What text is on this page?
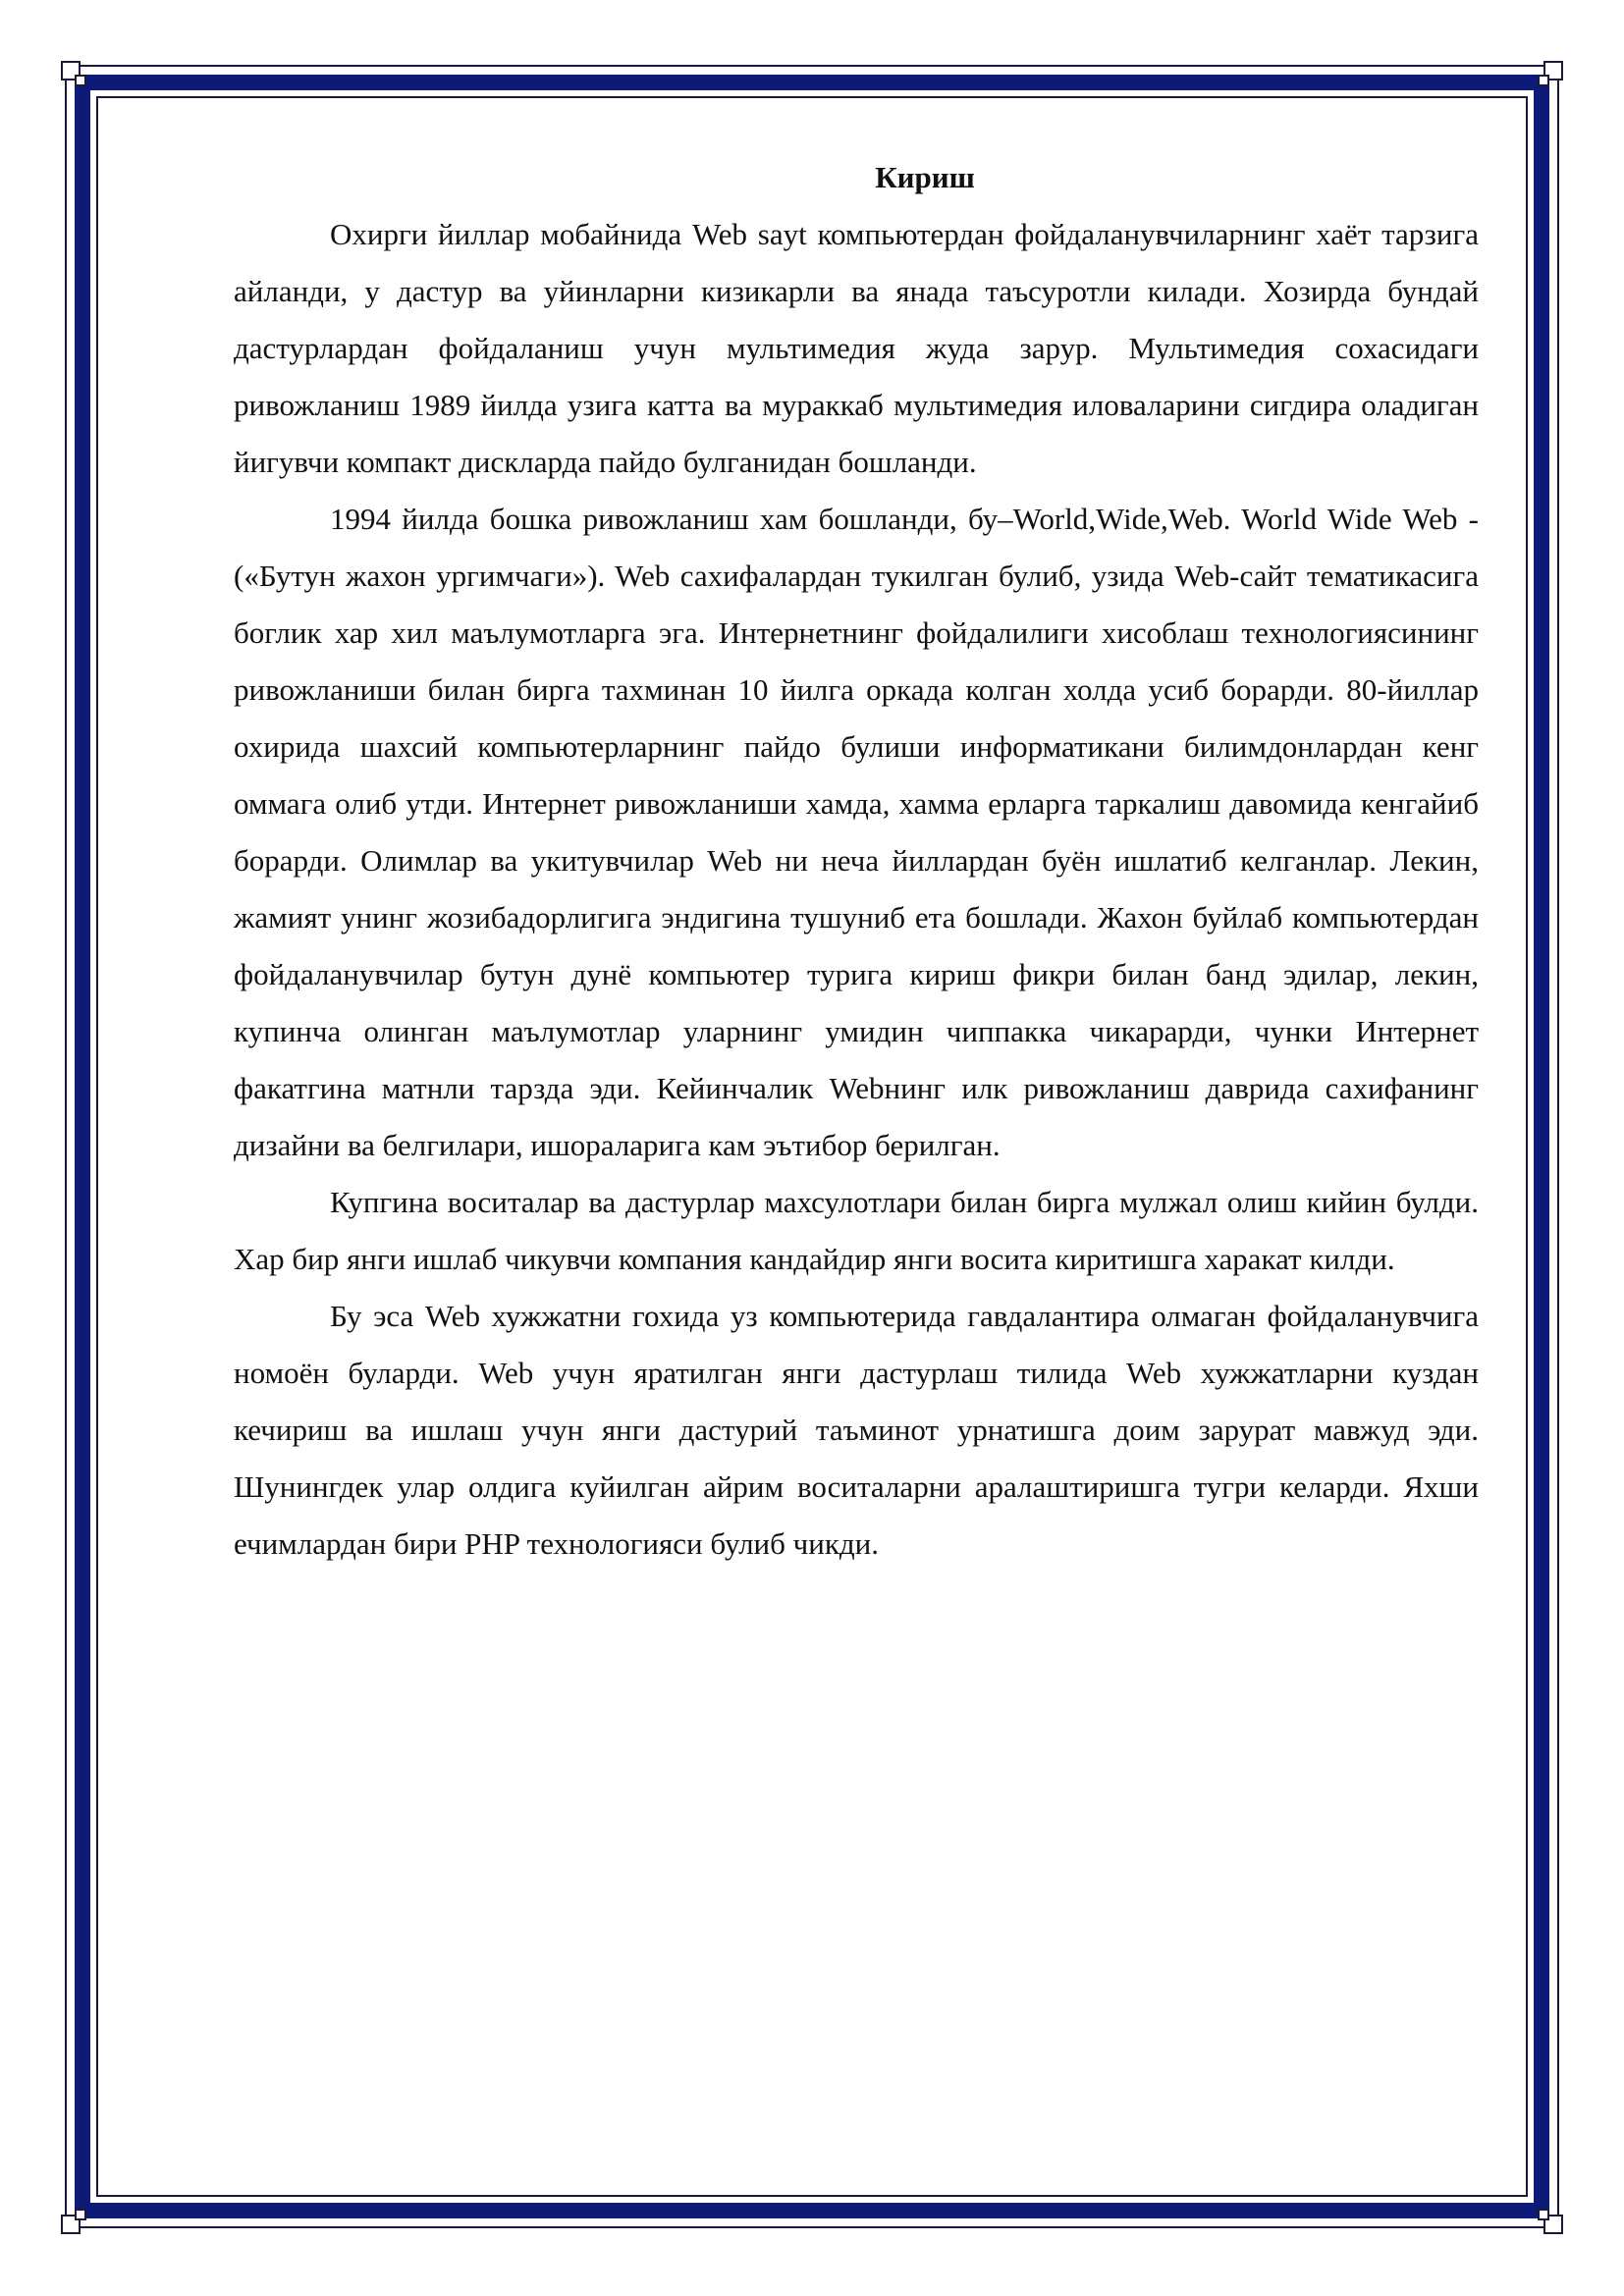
Кириш

Охирги йиллар мобайнида Web sayt компьютердан фойдаланувчиларнинг хаёт тарзига айланди, у дастур ва уйинларни кизикарли ва янада таъсуротли килади. Хозирда бундай дастурлардан фойдаланиш учун мультимедия жуда зарур. Мультимедия сохасидаги ривожланиш 1989 йилда узига катта ва мураккаб мультимедия иловаларини сигдира оладиган йигувчи компакт дискларда пайдо булганидан бошланди.

1994 йилда бошка ривожланиш хам бошланди, бу–World,Wide,Web. World Wide Web - («Бутун жахон ургимчаги»). Web сахифалардан тукилган булиб, узида Web-сайт тематикасига боглик хар хил маълумотларга эга. Интернетнинг фойдалилиги хисоблаш технологиясининг ривожланиши билан бирга тахминан 10 йилга оркада колган холда усиб борарди. 80-йиллар охирида шахсий компьютерларнинг пайдо булиши информатикани билимдонлардан кенг оммага олиб утди. Интернет ривожланиши хамда, хамма ерларга таркалиш давомида кенгайиб борарди. Олимлар ва укитувчилар Web ни неча йиллардан буён ишлатиб келганлар. Лекин, жамият унинг жозибадорлигига эндигина тушуниб ета бошлади. Жахон буйлаб компьютердан фойдаланувчилар бутун дунё компьютер турига кириш фикри билан банд эдилар, лекин, купинча олинган маълумотлар уларнинг умидин чиппакка чикарарди, чунки Интернет факатгина матнли тарзда эди. Кейинчалик Webнинг илк ривожланиш даврида сахифанинг дизайни ва белгилари, ишораларига кам эътибор берилган.

Купгина воситалар ва дастурлар махсулотлари билан бирга мулжал олиш кийин булди. Хар бир янги ишлаб чикувчи компания кандайдир янги восита киритишга харакат килди.

Бу эса Web хужжатни гохида уз компьютерида гавдалантира олмаган фойдаланувчига номоён буларди. Web учун яратилган янги дастурлаш тилида Web хужжатларни куздан кечириш ва ишлаш учун янги дастурий таъминот урнатишга доим зарурат мавжуд эди. Шунингдек улар олдига куйилган айрим воситаларни аралаштиришга тугри келарди. Яхши ечимлардан бири PHP технологияси булиб чикди.
